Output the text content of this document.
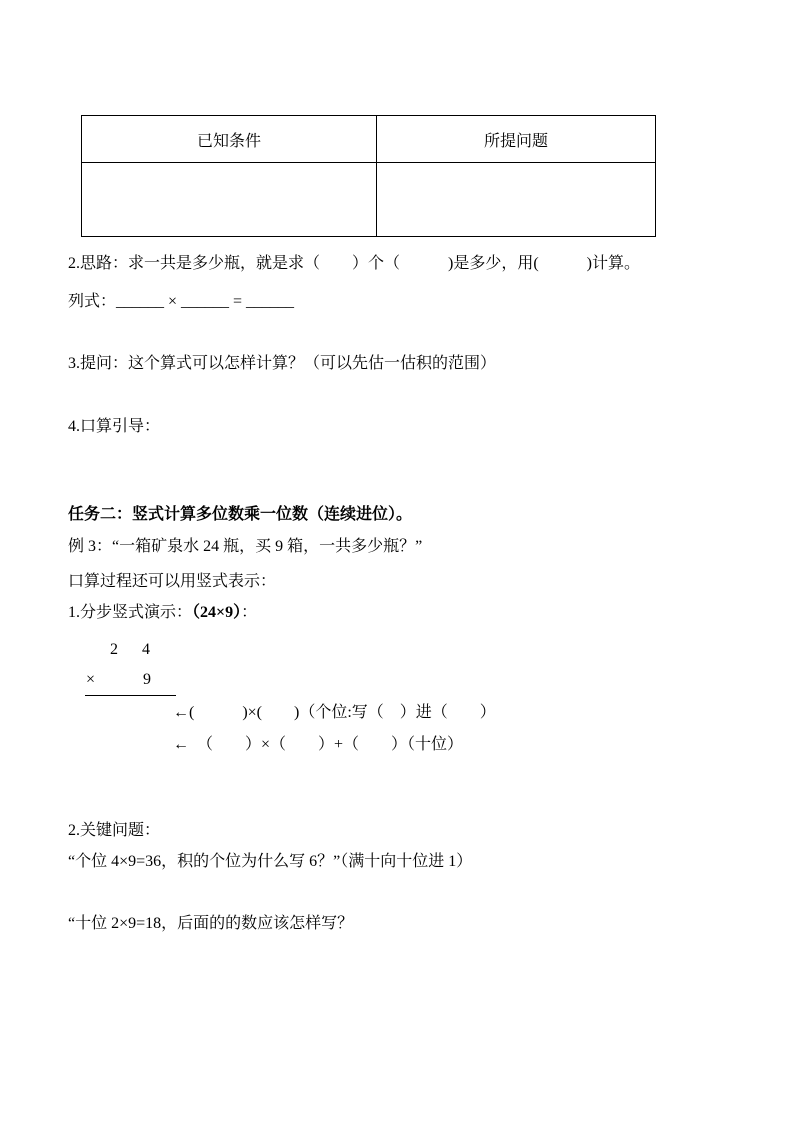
已知条件	所提问题

2.思路：求一共是多少瓶，就是求（　　）个（　　　)是多少，用(　　　)计算。
列式：______ × ______ = ______
3.提问：这个算式可以怎样计算？（可以先估一估积的范围）
4.口算引导：
任务二：竖式计算多位数乘一位数（连续进位）。
例 3：“一箱矿泉水 24 瓶，买 9 箱，一共多少瓶？”
口算过程还可以用竖式表示：
1.分步竖式演示：（24×9）：
2 4
×	9
←(　　　)×(　　)（个位:写（　）进（　　）
←　（　　）×（　　）+（　　）（十位）
2.关键问题：
“个位 4×9=36，积的个位为什么写 6？”（满十向十位进 1）
“十位 2×9=18，后面的的数应该怎样写？
